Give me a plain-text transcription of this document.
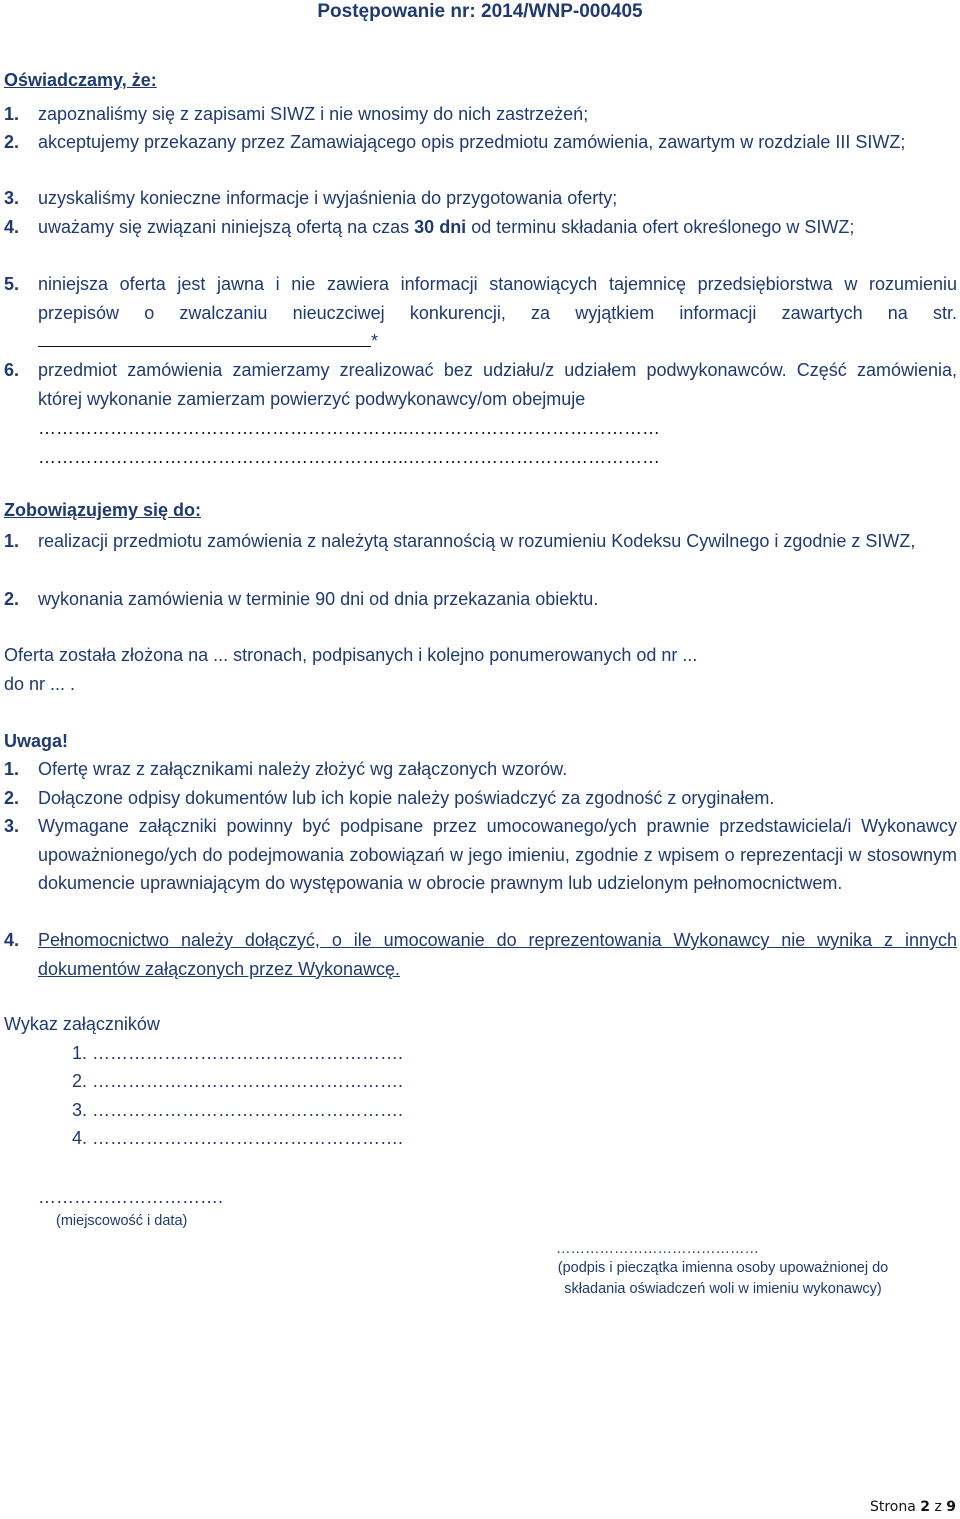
Postępowanie nr: 2014/WNP-000405
Oświadczamy, że:
1.	zapoznaliśmy się z zapisami SIWZ i nie wnosimy do nich zastrzeżeń;
2.	akceptujemy przekazany przez Zamawiającego opis przedmiotu zamówienia, zawartym w rozdziale III SIWZ;
3.	uzyskaliśmy konieczne informacje i wyjaśnienia do przygotowania oferty;
4.	uważamy się związani niniejszą ofertą na czas 30 dni od terminu składania ofert określonego w SIWZ;
5.	niniejsza oferta jest jawna i nie zawiera informacji stanowiących tajemnicę przedsiębiorstwa w rozumieniu przepisów o zwalczaniu nieuczciwej konkurencji, za wyjątkiem informacji zawartych na str.*
6.	przedmiot zamówienia zamierzamy zrealizować bez udziału/z udziałem podwykonawców. Część zamówienia, której wykonanie zamierzam powierzyć podwykonawcy/om obejmuje
……………………………………………………..……………………………………
……………………………………………………..……………………………………
Zobowiązujemy się do:
1.	realizacji przedmiotu zamówienia z należytą starannością w rozumieniu Kodeksu Cywilnego i zgodnie z SIWZ,
2.	wykonania zamówienia w terminie 90 dni od dnia przekazania obiektu.
Oferta została złożona na ... stronach, podpisanych i kolejno ponumerowanych od nr ...
do nr ... .
Uwaga!
1.	Ofertę wraz z załącznikami należy złożyć wg załączonych wzorów.
2.	Dołączone odpisy dokumentów lub ich kopie należy poświadczyć za zgodność z oryginałem.
3.	Wymagane załączniki powinny być podpisane przez umocowanego/ych prawnie przedstawiciela/i Wykonawcy upoważnionego/ych do podejmowania zobowiązań w jego imieniu, zgodnie z wpisem o reprezentacji w stosownym dokumencie uprawniającym do występowania w obrocie prawnym lub udzielonym pełnomocnictwem.
4.	Pełnomocnictwo należy dołączyć, o ile umocowanie do reprezentowania Wykonawcy nie wynika z innych dokumentów załączonych przez Wykonawcę.
Wykaz załączników
1. …………………………………………….
2. …………………………………………….
3. …………………………………………….
4. …………………………………………….
………………………….
(miejscowość i data)
……………………………………
(podpis i pieczątka imienna osoby upoważnionej do
składania oświadczeń woli w imieniu wykonawcy)
Strona 2 z 9
